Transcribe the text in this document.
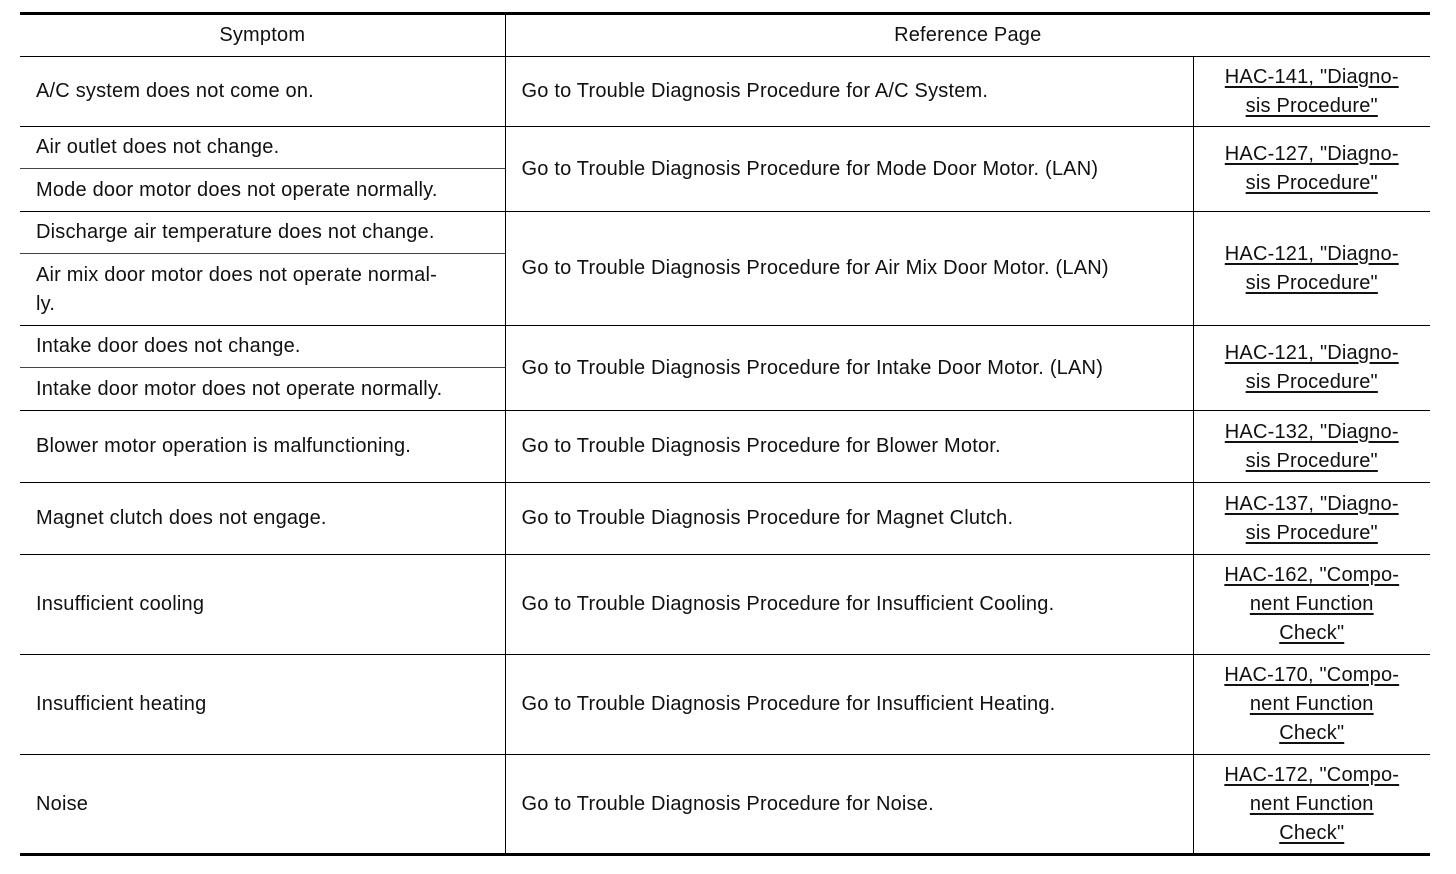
Symptom	Reference Page	
A/C system does not come on.	Go to Trouble Diagnosis Procedure for A/C System.	HAC-141, "Diagno-
sis Procedure"
Air outlet does not change.	Go to Trouble Diagnosis Procedure for Mode Door Motor. (LAN)	HAC-127, "Diagno-
sis Procedure"
Mode door motor does not operate normally.		
Discharge air temperature does not change.	Go to Trouble Diagnosis Procedure for Air Mix Door Motor. (LAN)	HAC-121, "Diagno-
sis Procedure"
Air mix door motor does not operate normal-
ly.		
Intake door does not change.	Go to Trouble Diagnosis Procedure for Intake Door Motor. (LAN)	HAC-121, "Diagno-
sis Procedure"
Intake door motor does not operate normally.		
Blower motor operation is malfunctioning.	Go to Trouble Diagnosis Procedure for Blower Motor.	HAC-132, "Diagno-
sis Procedure"
Magnet clutch does not engage.	Go to Trouble Diagnosis Procedure for Magnet Clutch.	HAC-137, "Diagno-
sis Procedure"
Insufficient cooling	Go to Trouble Diagnosis Procedure for Insufficient Cooling.	HAC-162, "Compo-
nent Function
Check"
Insufficient heating	Go to Trouble Diagnosis Procedure for Insufficient Heating.	HAC-170, "Compo-
nent Function
Check"
Noise	Go to Trouble Diagnosis Procedure for Noise.	HAC-172, "Compo-
nent Function
Check"
